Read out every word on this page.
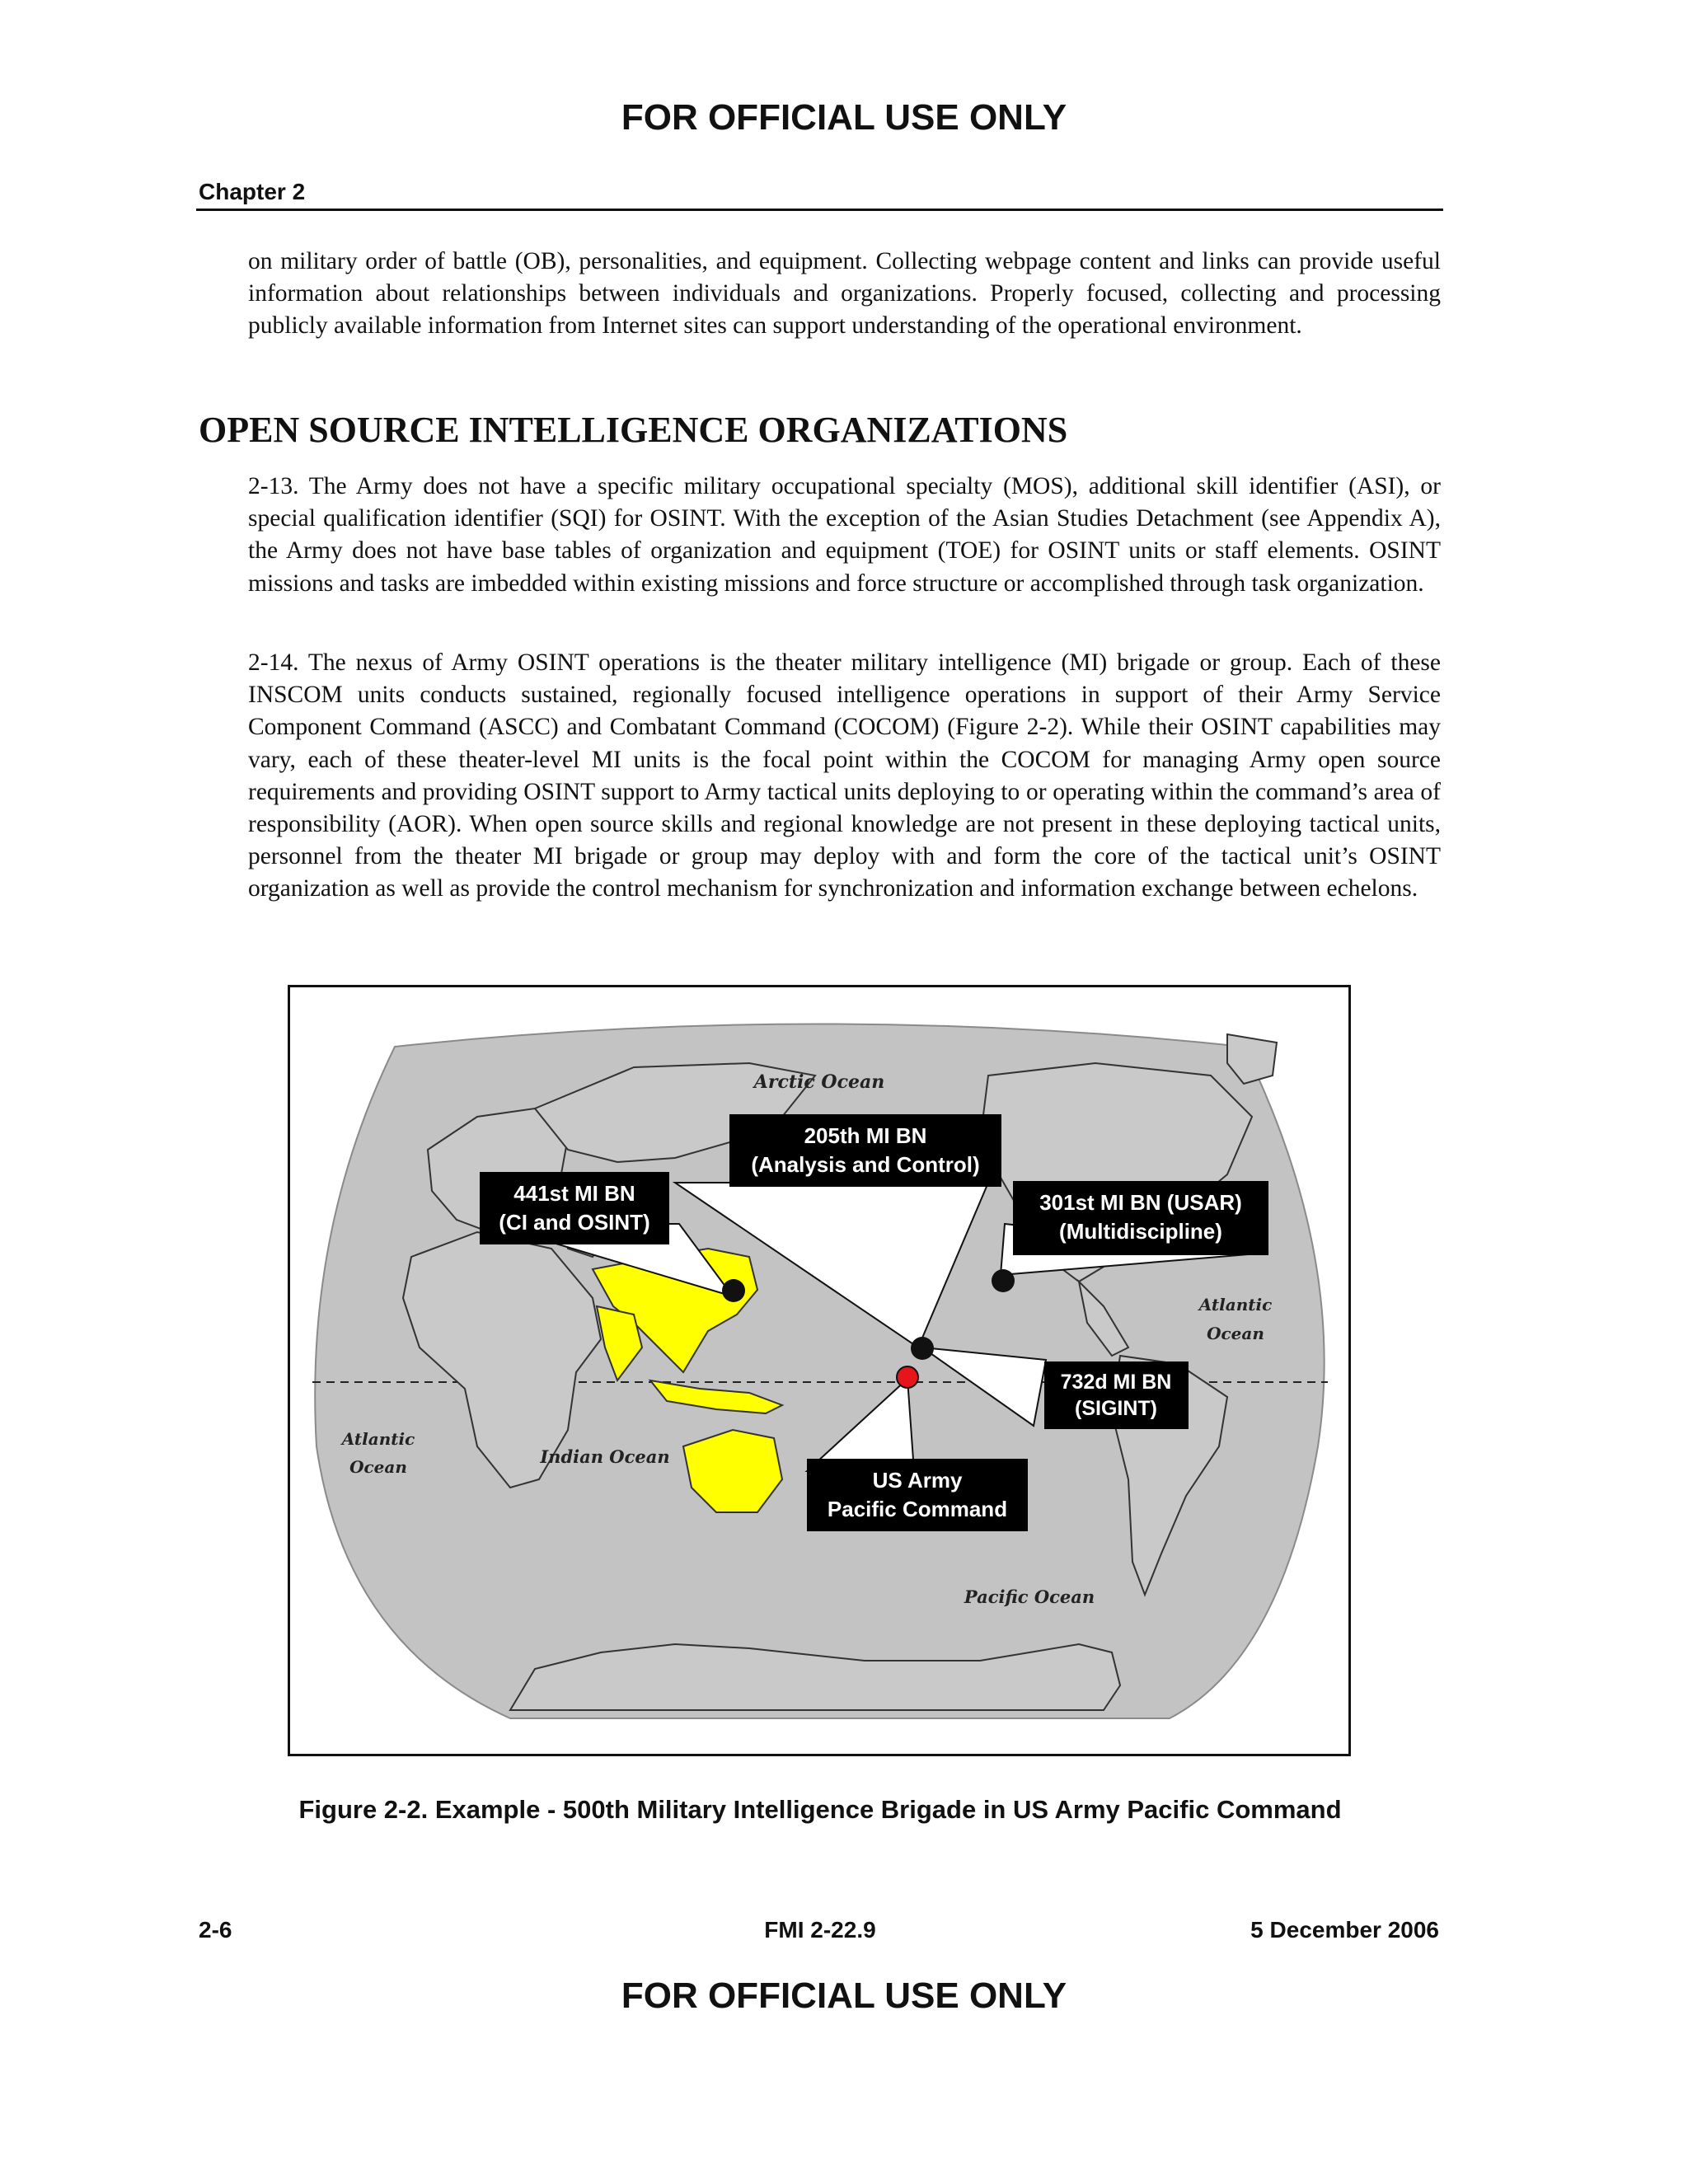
FOR OFFICIAL USE ONLY

Chapter 2

on military order of battle (OB), personalities, and equipment. Collecting webpage content and links can provide useful information about relationships between individuals and organizations. Properly focused, collecting and processing publicly available information from Internet sites can support understanding of the operational environment.

OPEN SOURCE INTELLIGENCE ORGANIZATIONS

2-13. The Army does not have a specific military occupational specialty (MOS), additional skill identifier (ASI), or special qualification identifier (SQI) for OSINT. With the exception of the Asian Studies Detachment (see Appendix A), the Army does not have base tables of organization and equipment (TOE) for OSINT units or staff elements. OSINT missions and tasks are imbedded within existing missions and force structure or accomplished through task organization.

2-14. The nexus of Army OSINT operations is the theater military intelligence (MI) brigade or group. Each of these INSCOM units conducts sustained, regionally focused intelligence operations in support of their Army Service Component Command (ASCC) and Combatant Command (COCOM) (Figure 2-2). While their OSINT capabilities may vary, each of these theater-level MI units is the focal point within the COCOM for managing Army open source requirements and providing OSINT support to Army tactical units deploying to or operating within the command’s area of responsibility (AOR). When open source skills and regional knowledge are not present in these deploying tactical units, personnel from the theater MI brigade or group may deploy with and form the core of the tactical unit’s OSINT organization as well as provide the control mechanism for synchronization and information exchange between echelons.

Arctic Ocean
Atlantic
Ocean
Atlantic
Ocean	Indian Ocean
Pacific Ocean
441st MI BN
(CI and OSINT)
205th MI BN
(Analysis and Control)
301st MI BN (USAR)
(Multidiscipline)
732d MI BN
(SIGINT)
US Army
Pacific Command

Figure 2-2. Example - 500th Military Intelligence Brigade in US Army Pacific Command

2-6	FMI 2-22.9	5 December 2006

FOR OFFICIAL USE ONLY
